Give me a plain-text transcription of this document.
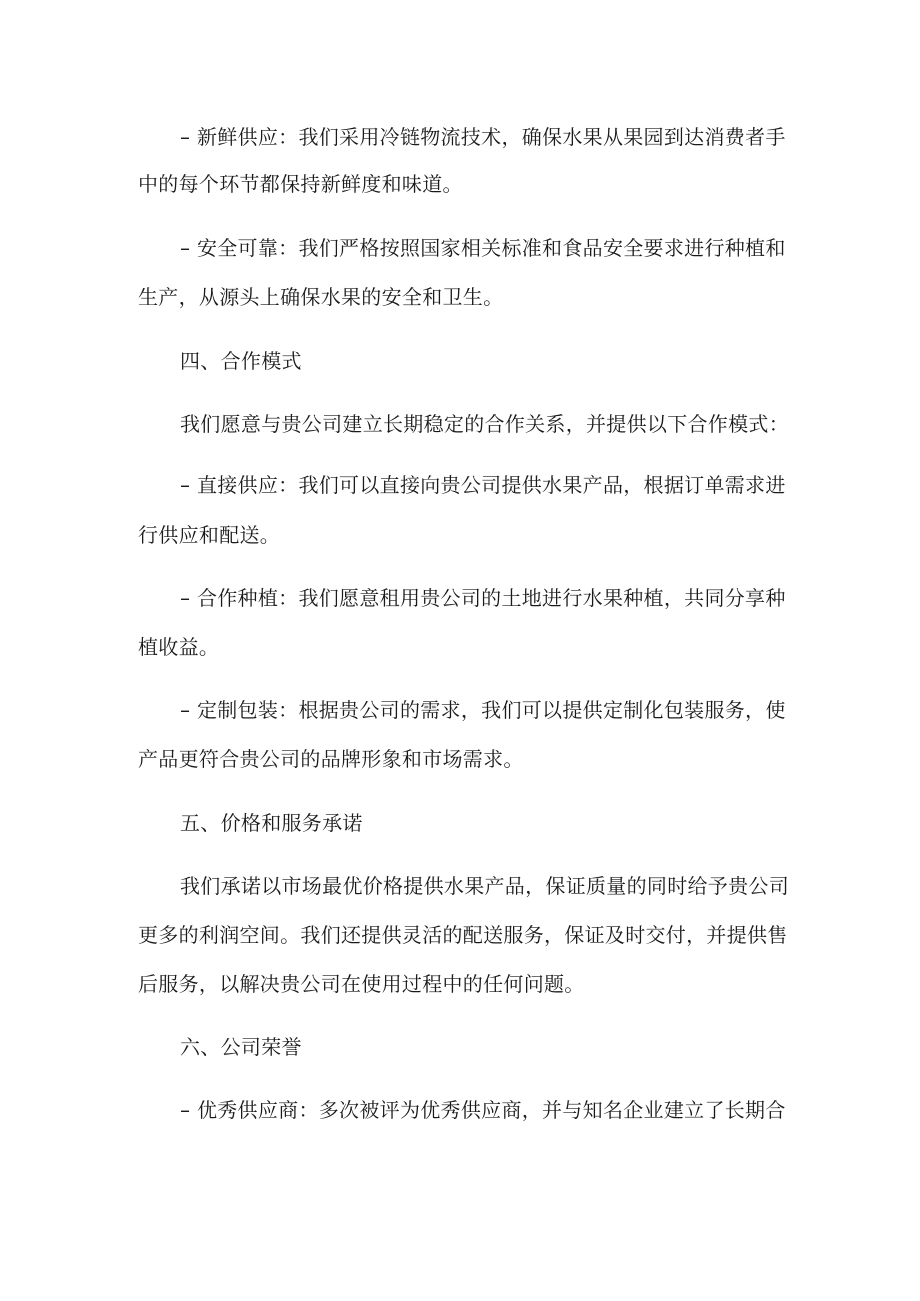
– 新鲜供应：我们采用冷链物流技术，确保水果从果园到达消费者手
中的每个环节都保持新鲜度和味道。
– 安全可靠：我们严格按照国家相关标准和食品安全要求进行种植和
生产，从源头上确保水果的安全和卫生。
四、合作模式
我们愿意与贵公司建立长期稳定的合作关系，并提供以下合作模式：
– 直接供应：我们可以直接向贵公司提供水果产品，根据订单需求进
行供应和配送。
– 合作种植：我们愿意租用贵公司的土地进行水果种植，共同分享种
植收益。
– 定制包装：根据贵公司的需求，我们可以提供定制化包装服务，使
产品更符合贵公司的品牌形象和市场需求。
五、价格和服务承诺
我们承诺以市场最优价格提供水果产品，保证质量的同时给予贵公司
更多的利润空间。我们还提供灵活的配送服务，保证及时交付，并提供售
后服务，以解决贵公司在使用过程中的任何问题。
六、公司荣誉
– 优秀供应商：多次被评为优秀供应商，并与知名企业建立了长期合
